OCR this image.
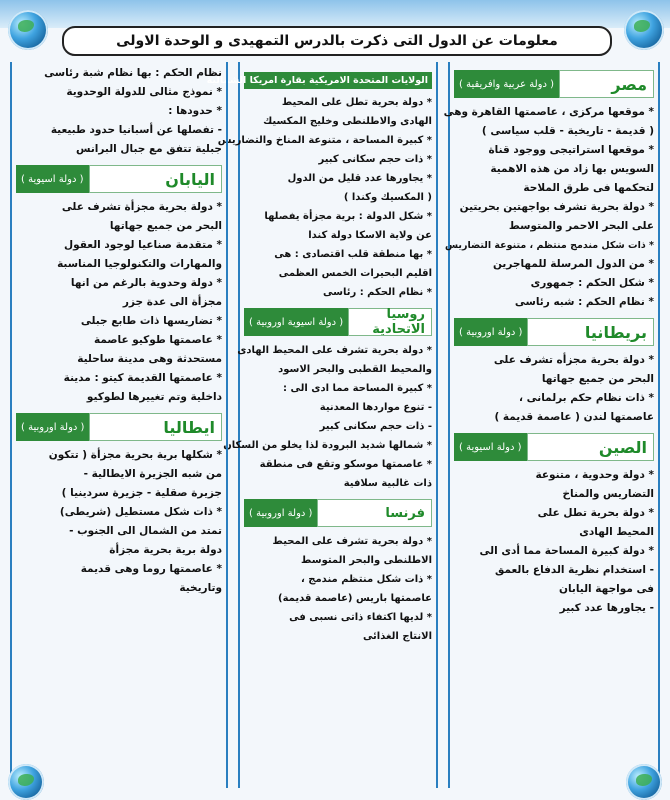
معلومات عن الدول التى ذكرت بالدرس التمهيدى و الوحدة الاولى
مصر
( دولة عربية وافريقية )
* موقعها مركزى ، عاصمتها القاهرة وهى
( قديمة - تاريخية - قلب سياسى )
* موقعها استراتيجى ووجود قناة
السويس بها زاد من هذه الاهمية
لتحكمها فى طرق الملاحة
* دولة بحرية تشرف بواجهتين بحريتين
على البحر الاحمر والمتوسط
* ذات شكل مندمج منتظم ، متنوعة التضاريس
* من الدول المرسلة للمهاجرين
* شكل الحكم : جمهورى
* نظام الحكم : شبه رئاسى
بريطانيا
( دولة اوروبية )
* دولة بحرية مجزأه تشرف على
البحر من جميع جهاتها
* ذات نظام حكم برلمانى ،
عاصمتها لندن ( عاصمة قديمة )
الصين
( دولة اسيوية )
* دولة وحدوية ، متنوعة
التضاريس والمناخ
* دولة بحرية تطل على
المحيط الهادى
* دولة كبيرة المساحة مما أدى الى
- استخدام نظرية الدفاع بالعمق
فى مواجهة اليابان
- يجاورها عدد كبير
الولايات المتحدة الامريكية بقارة امريكا الشمالية
* دولة بحرية تطل على المحيط
الهادى والاطلنطى وخليج المكسيك
* كبيرة المساحة ، متنوعة المناخ والتضاريس
* ذات حجم سكانى كبير
* يجاورها عدد قليل من الدول
( المكسيك وكندا )
* شكل الدولة : برية مجزأة يفصلها
عن ولاية الاسكا دولة كندا
* بها منطقة قلب اقتصادى : هى
اقليم البحيرات الخمس العظمى
* نظام الحكم : رئاسى
روسيا الاتحادية
( دولة اسيوية اوروبية )
* دولة بحرية تشرف على المحيط الهادى
والمحيط القطبى والبحر الاسود
* كبيرة المساحة مما ادى الى :
- تنوع مواردها المعدنية
- ذات حجم سكانى كبير
* شمالها شديد البرودة لذا يخلو من السكان
* عاصمتها موسكو وتقع فى منطقة
ذات غالبية سلافية
فرنسا
( دولة اوروبية )
* دولة بحرية تشرف على المحيط
الاطلنطى والبحر المتوسط
* ذات شكل منتظم مندمج ،
عاصمتها باريس (عاصمة قديمة)
* لديها اكتفاء ذاتى نسبى فى
الانتاج الغذائى
نظام الحكم : بها نظام شبة رئاسى
* نموذج مثالى للدولة الوحدوية
* حدودها :
- تفصلها عن أسبانيا حدود طبيعية
جبلية تتفق مع جبال البرانس
اليابان
( دولة اسيوية )
* دولة بحرية مجزأة تشرف على
البحر من جميع جهاتها
* متقدمة صناعيا لوجود العقول
والمهارات والتكنولوجيا المناسبة
* دولة وحدوية بالرغم من انها
مجزأة الى عدة جزر
* تضاريسها ذات طابع جبلى
* عاصمتها طوكيو عاصمة
مستحدثة وهى مدينة ساحلية
* عاصمتها القديمة كيتو : مدينة
داخلية وتم تغييرها لطوكيو
ايطاليا
( دولة اوروبية )
* شكلها برية بحرية مجزأة ( تتكون
من شبه الجزيرة الايطالية -
جزيرة صقلية - جزيرة سردينيا )
* ذات شكل مستطيل (شريطى)
تمتد من الشمال الى الجنوب -
دولة برية بحرية مجزأة
* عاصمتها روما وهى قديمة
وتاريخية
